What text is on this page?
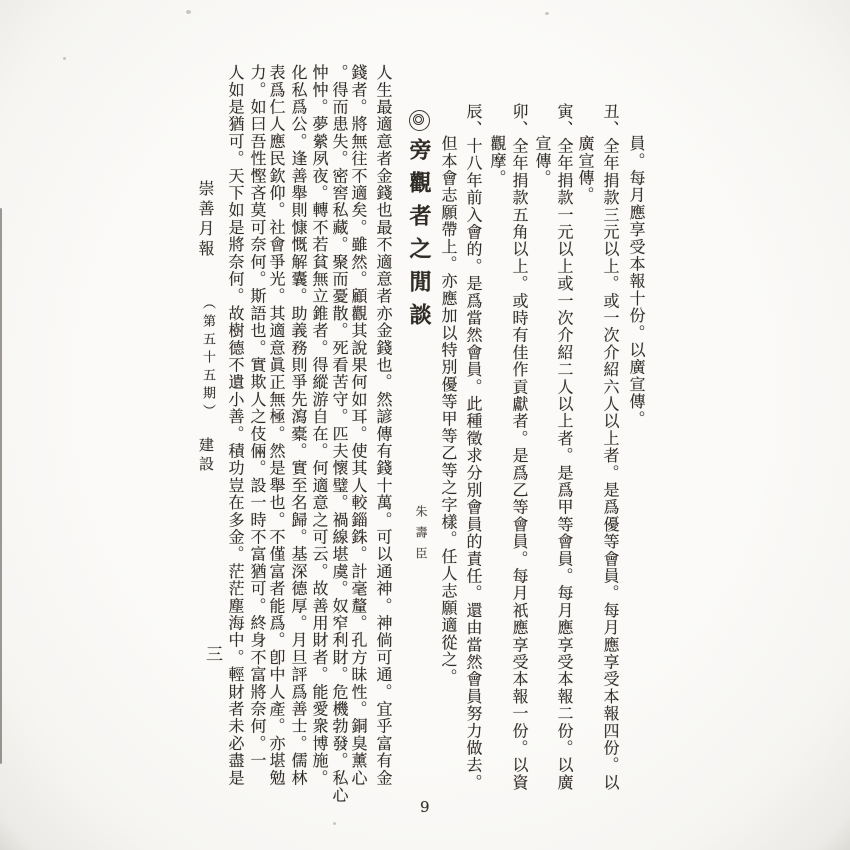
員。每月應享受本報十份。以廣宣傳。
丑、全年捐款三元以上。或一次介紹六人以上者。是爲優等會員。每月應享受本報四份。以
廣宣傳。
寅、全年捐款一元以上或一次介紹二人以上者。是爲甲等會員。每月應享受本報二份。以廣
宣傳。
卯、全年捐款五角以上。或時有佳作貢獻者。是爲乙等會員。每月祇應享受本報一份。以資
觀摩。
辰、十八年前入會的。是爲當然會員。此種徵求分別會員的責任。還由當然會員努力做去。
但本會志願帶上。亦應加以特別優等甲等乙等之字樣。任人志願適從之。
旁觀者之閒談
朱壽臣
人生最適意者金錢也最不適意者亦金錢也。然諺傳有錢十萬。可以通神。神倘可通。宜乎富有金
錢者。將無往不適矣。雖然。顧觀其說果何如耳。使其人較錙銖。計毫釐。孔方昧性。銅臭薰心
。得而患失。密窖私藏。聚而憂散。死看苦守。匹夫懷璧。禍線堪虞。奴窄利財。危機勃發。私心
忡忡。夢縈夙夜。轉不若貧無立錐者。得縱游自在。何適意之可云。故善用財者。能愛衆博施。
化私爲公。逢善舉則慷慨解囊。助義務則爭先瀉橐。實至名歸。基深德厚。月旦評爲善士。儒林
表爲仁人應民欽仰。社會爭光。其適意眞正無極。然是舉也。不僅富者能爲。卽中人產。亦堪勉
力。如曰吾性慳吝莫可奈何。斯語也。實欺人之伎倆。設一時不富猶可。終身不富將奈何。一
人如是猶可。天下如是將奈何。故樹德不遺小善。積功豈在多金。茫茫塵海中。輕財者未必盡是
崇善月報
（第五十五期）
建設
三
9
